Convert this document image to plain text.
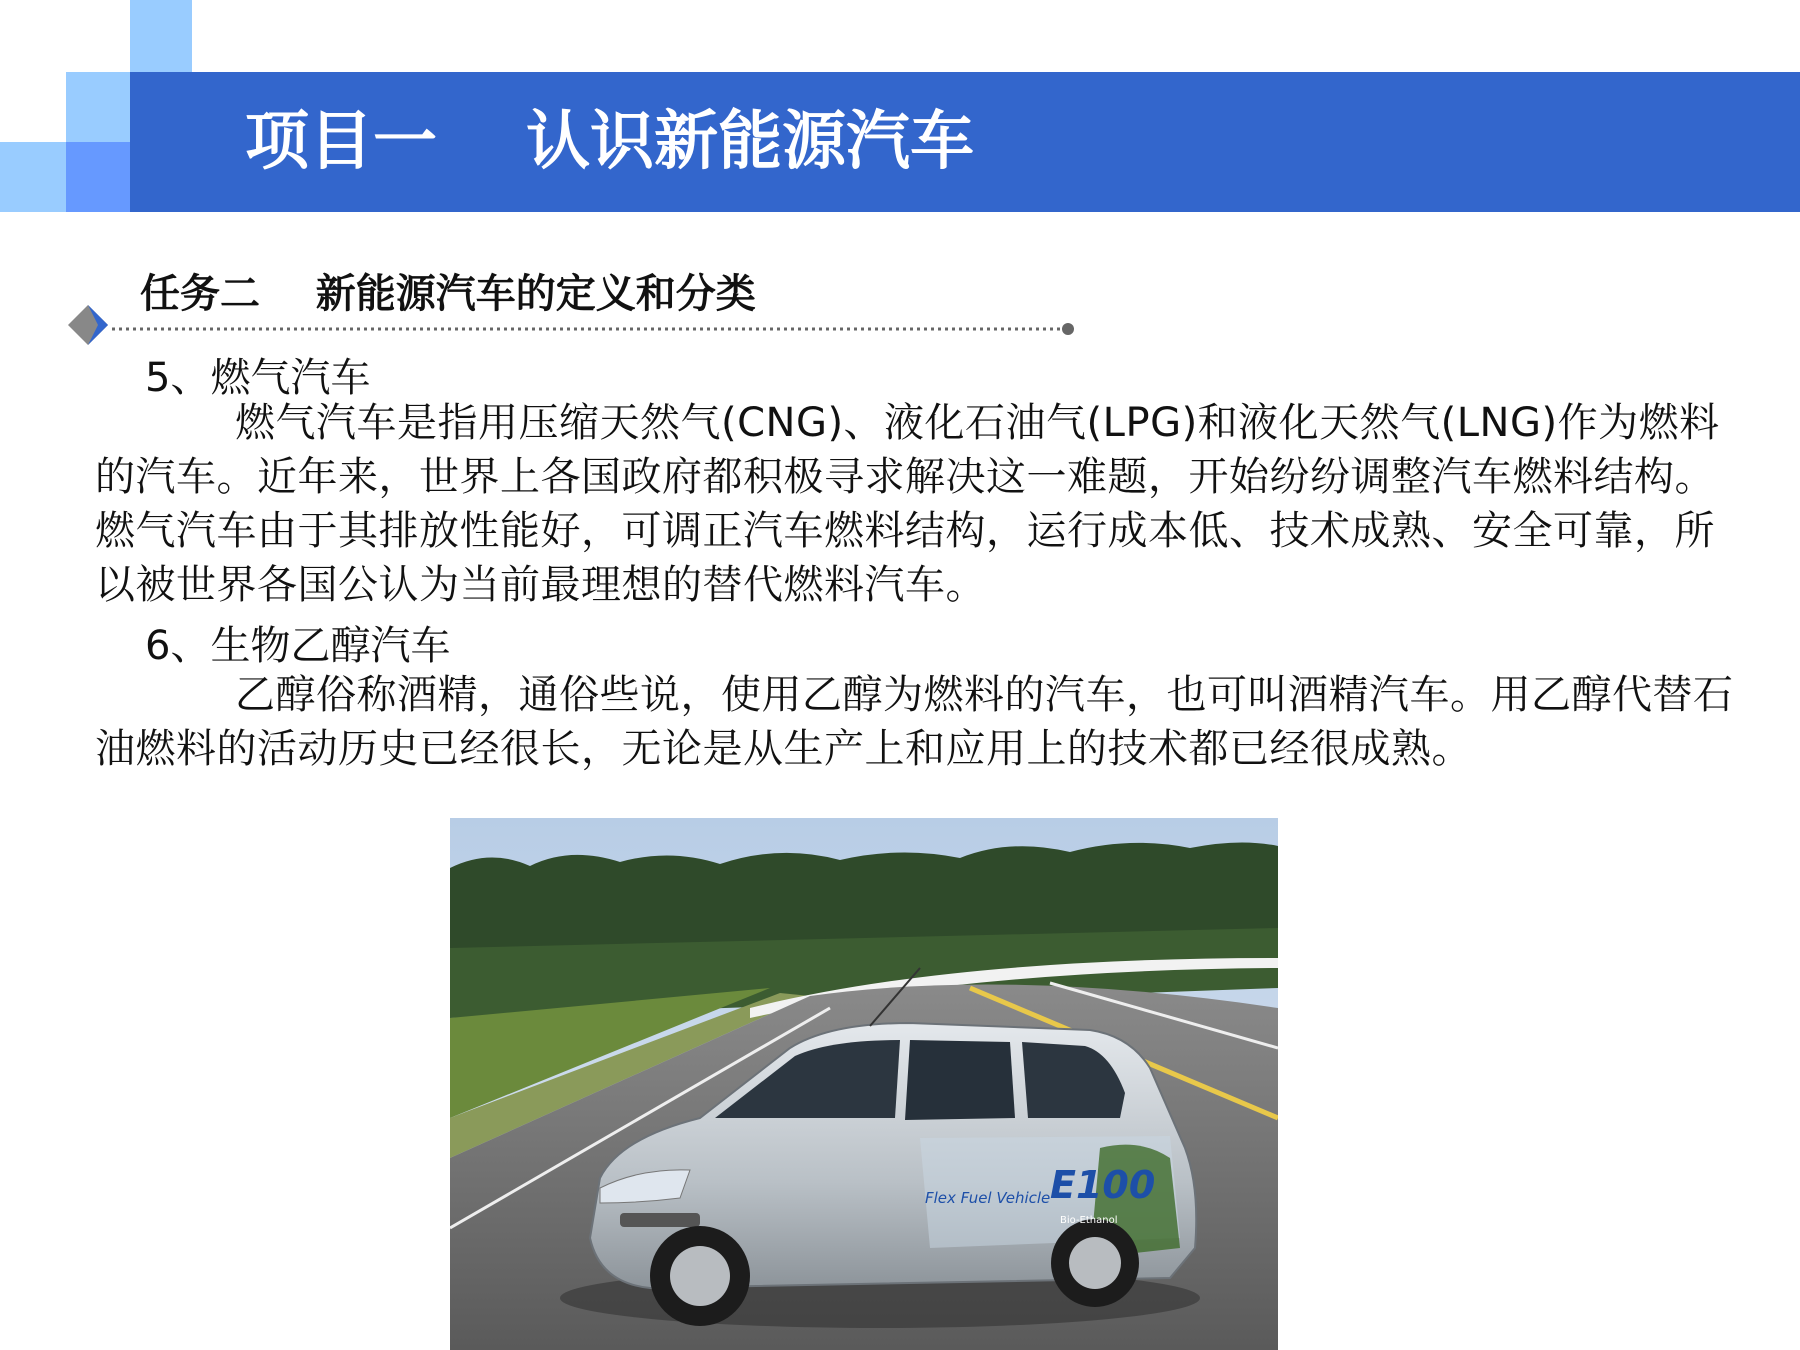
项目一    认识新能源汽车
任务二    新能源汽车的定义和分类
5、燃气汽车
燃气汽车是指用压缩天然气(CNG)、液化石油气(LPG)和液化天然气(LNG)作为燃料的汽车。近年来，世界上各国政府都积极寻求解决这一难题，开始纷纷调整汽车燃料结构。燃气汽车由于其排放性能好，可调正汽车燃料结构，运行成本低、技术成熟、安全可靠，所以被世界各国公认为当前最理想的替代燃料汽车。
6、生物乙醇汽车
乙醇俗称酒精，通俗些说，使用乙醇为燃料的汽车，也可叫酒精汽车。用乙醇代替石油燃料的活动历史已经很长，无论是从生产上和应用上的技术都已经很成熟。
E100
Flex Fuel Vehicle
Bio-Ethanol
